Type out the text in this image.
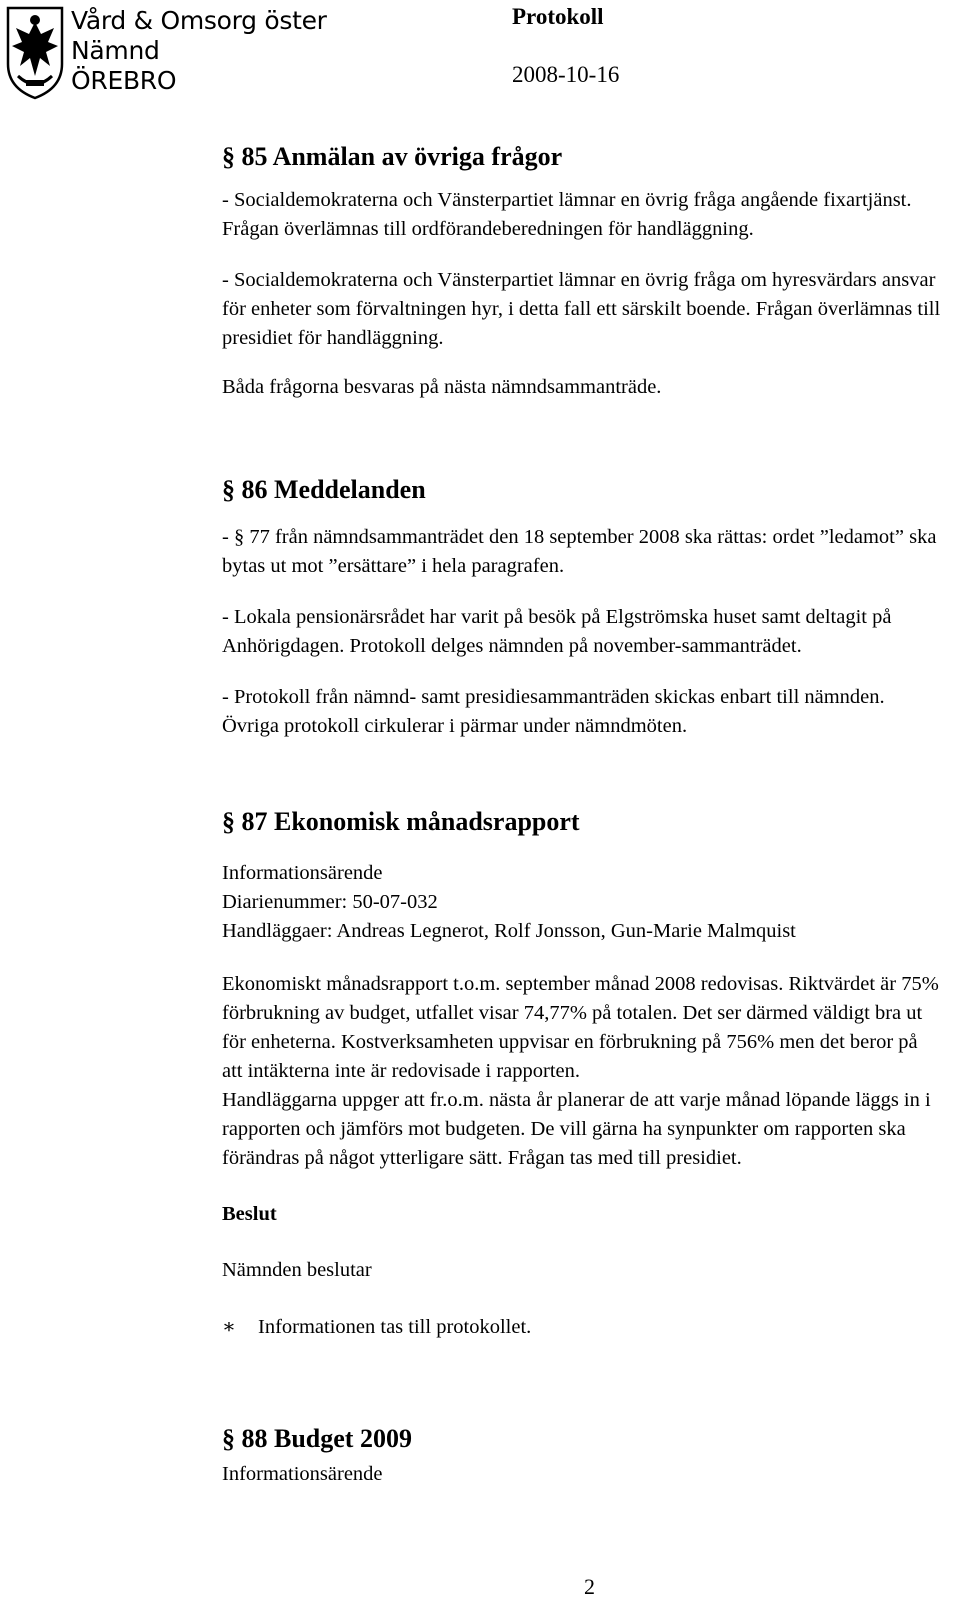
Vård & Omsorg öster
Nämnd
ÖREBRO
Protokoll
2008-10-16
§ 85 Anmälan av övriga frågor

- Socialdemokraterna och Vänsterpartiet lämnar en övrig fråga angående fixartjänst. Frågan överlämnas till ordförandeberedningen för handläggning.

- Socialdemokraterna och Vänsterpartiet lämnar en övrig fråga om hyresvärdars ansvar för enheter som förvaltningen hyr, i detta fall ett särskilt boende. Frågan överlämnas till presidiet för handläggning.

Båda frågorna besvaras på nästa nämndsammanträde.

§ 86 Meddelanden

- § 77 från nämndsammanträdet den 18 september 2008 ska rättas: ordet ”ledamot” ska bytas ut mot ”ersättare” i hela paragrafen.

- Lokala pensionärsrådet har varit på besök på Elgströmska huset samt deltagit på Anhörigdagen. Protokoll delges nämnden på november-sammanträdet.

- Protokoll från nämnd- samt presidiesammanträden skickas enbart till nämnden. Övriga protokoll cirkulerar i pärmar under nämndmöten.

§ 87 Ekonomisk månadsrapport

Informationsärende

Diarienummer: 50-07-032

Handläggaer: Andreas Legnerot, Rolf Jonsson, Gun-Marie Malmquist

Ekonomiskt månadsrapport t.o.m. september månad 2008 redovisas. Riktvärdet är 75% förbrukning av budget, utfallet visar 74,77% på totalen. Det ser därmed väldigt bra ut för enheterna. Kostverksamheten uppvisar en förbrukning på 756% men det beror på att intäkterna inte är redovisade i rapporten.

Handläggarna uppger att fr.o.m. nästa år planerar de att varje månad löpande läggs in i rapporten och jämförs mot budgeten. De vill gärna ha synpunkter om rapporten ska förändras på något ytterligare sätt. Frågan tas med till presidiet.

Beslut

Nämnden beslutar

∗	Informationen tas till protokollet.
§ 88 Budget 2009

Informationsärende

2
